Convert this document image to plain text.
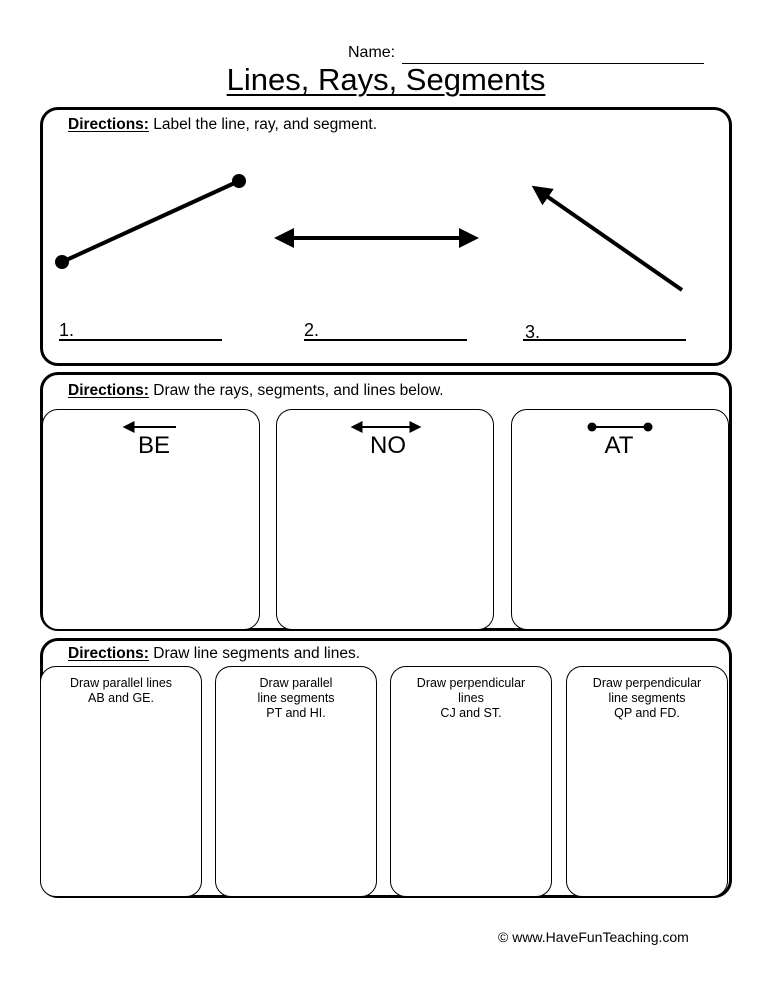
Name:
Lines, Rays, Segments
Directions: Label the line, ray, and segment.
1.	2.	3.
Directions: Draw the rays, segments, and lines below.
BE	NO	AT
Directions: Draw line segments and lines.
Draw parallel lines
AB and GE.
Draw parallel
line segments
PT and HI.
Draw perpendicular
lines
CJ and ST.
Draw perpendicular
line segments
QP and FD.
© www.HaveFunTeaching.com
